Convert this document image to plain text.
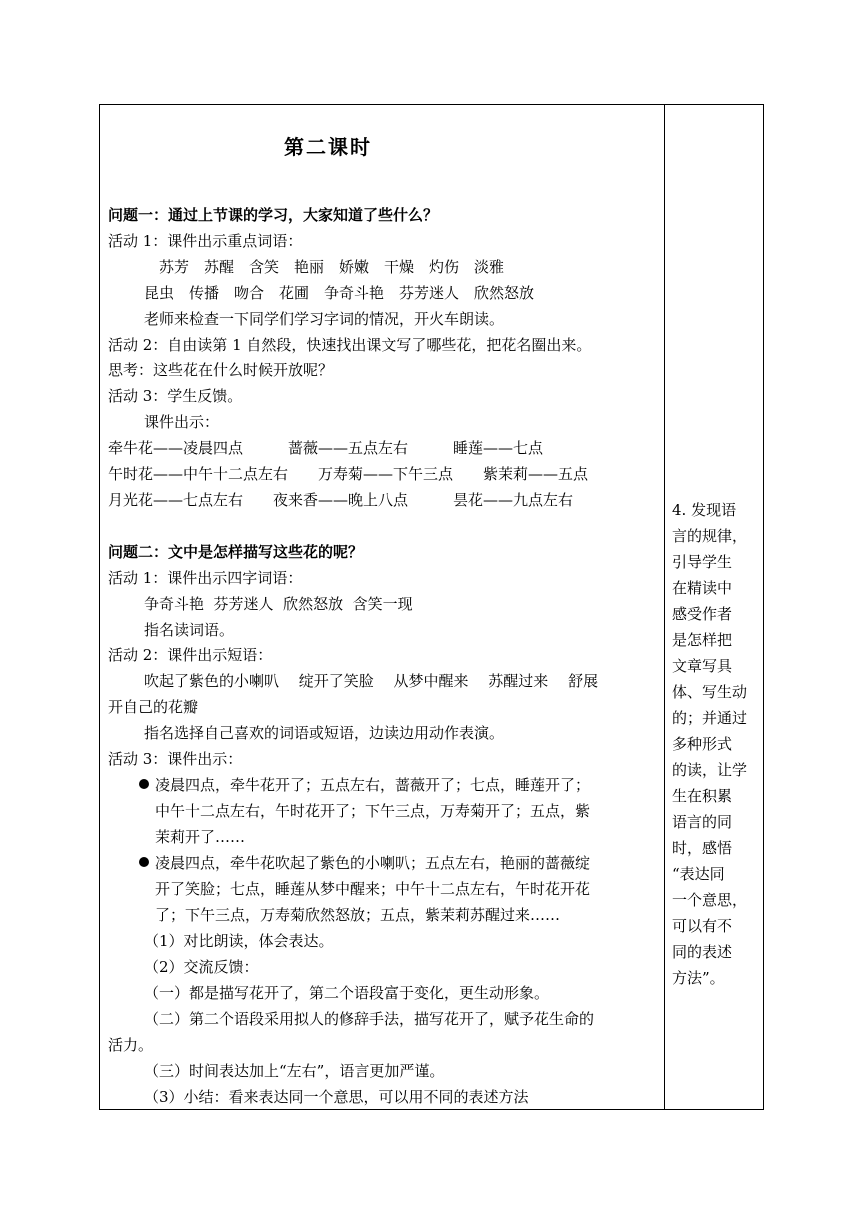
第二课时
问题一：通过上节课的学习，大家知道了些什么？
活动 1：课件出示重点词语：
苏芳　苏醒　含笑　艳丽　娇嫩　干燥　灼伤　淡雅
昆虫　传播　吻合　花圃　争奇斗艳　芬芳迷人　欣然怒放
老师来检查一下同学们学习字词的情况，开火车朗读。
活动 2：自由读第 1 自然段，快速找出课文写了哪些花，把花名圈出来。
思考：这些花在什么时候开放呢？
活动 3：学生反馈。
课件出示：
牵牛花——凌晨四点　　　蔷薇——五点左右　　　睡莲——七点
午时花——中午十二点左右　　万寿菊——下午三点　　紫茉莉——五点
月光花——七点左右　　夜来香——晚上八点　　　昙花——九点左右
问题二：文中是怎样描写这些花的呢？
活动 1：课件出示四字词语：
争奇斗艳  芬芳迷人  欣然怒放  含笑一现
指名读词语。
活动 2：课件出示短语：
吹起了紫色的小喇叭　 绽开了笑脸　 从梦中醒来　 苏醒过来　 舒展
开自己的花瓣
指名选择自己喜欢的词语或短语，边读边用动作表演。
活动 3：课件出示：
凌晨四点，牵牛花开了；五点左右，蔷薇开了；七点，睡莲开了；
中午十二点左右，午时花开了；下午三点，万寿菊开了；五点，紫
茉莉开了……
凌晨四点，牵牛花吹起了紫色的小喇叭；五点左右，艳丽的蔷薇绽
开了笑脸；七点，睡莲从梦中醒来；中午十二点左右，午时花开花
了；下午三点，万寿菊欣然怒放；五点，紫茉莉苏醒过来……
（1）对比朗读，体会表达。
（2）交流反馈：
（一）都是描写花开了，第二个语段富于变化，更生动形象。
（二）第二个语段采用拟人的修辞手法，描写花开了，赋予花生命的
活力。
（三）时间表达加上“左右”，语言更加严谨。
（3）小结：看来表达同一个意思，可以用不同的表述方法
4. 发现语
言的规律，
引导学生
在精读中
感受作者
是怎样把
文章写具
体、写生动
的；并通过
多种形式
的读，让学
生在积累
语言的同
时，感悟
“表达同
一个意思，
可以有不
同的表述
方法”。
